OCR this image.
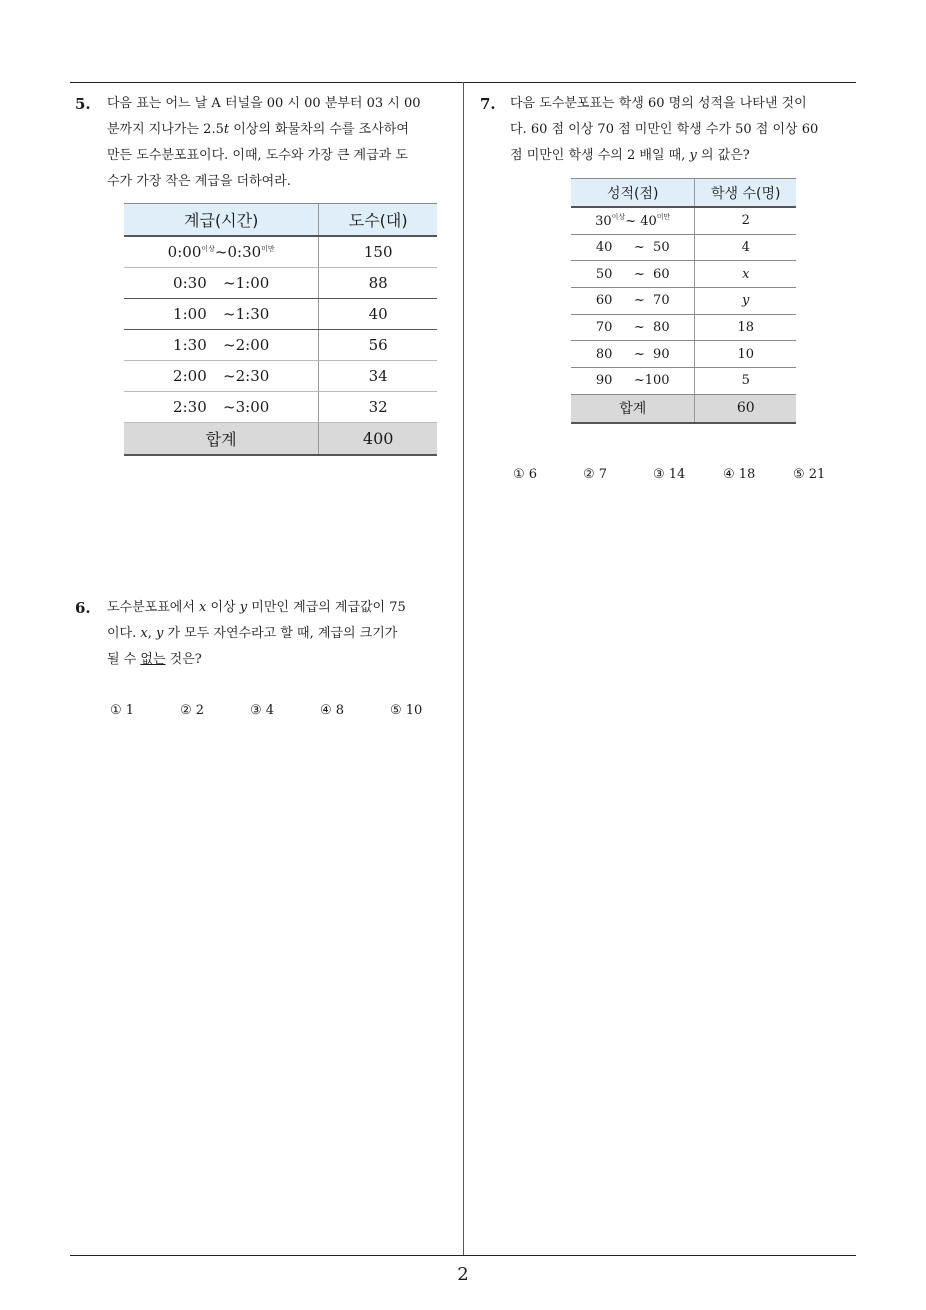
2
5. 다음 표는 어느 날 A 터널을 00 시 00 분부터 03 시 00
분까지 지나가는 2.5t 이상의 화물차의 수를 조사하여
만든 도수분포표이다. 이때, 도수와 가장 큰 계급과 도
수가 가장 작은 계급을 더하여라.
계급(시간)	도수(대)
$0:00^{이상}\sim 0:30^{미만}$	150
0:30 ~1:00	88
1:00 ~1:30	40
1:30 ~2:00	56
2:00 ~2:30	34
2:30 ~3:00	32
합계	400
6. 도수분포표에서 x 이상 y 미만인 계급의 계급값이 75
이다. x, y 가 모두 자연수라고 할 때, 계급의 크기가
될 수 없는 것은?
① 1	② 2	③ 4	④ 8	⑤ 10
7. 다음 도수분포표는 학생 60 명의 성적을 나타낸 것이
다. 60 점 이상 70 점 미만인 학생 수가 50 점 이상 60
점 미만인 학생 수의 2 배일 때, y 의 값은?
성적(점)	학생 수(명)
$30^{이상}\sim$ $40^{미만}$	2
40 ~ 50	4
50 ~ 60	x
60 ~ 70	y
70 ~ 80	18
80 ~ 90	10
90 ~100	5
합계	60
① 6	② 7	③ 14	④ 18	⑤ 21
